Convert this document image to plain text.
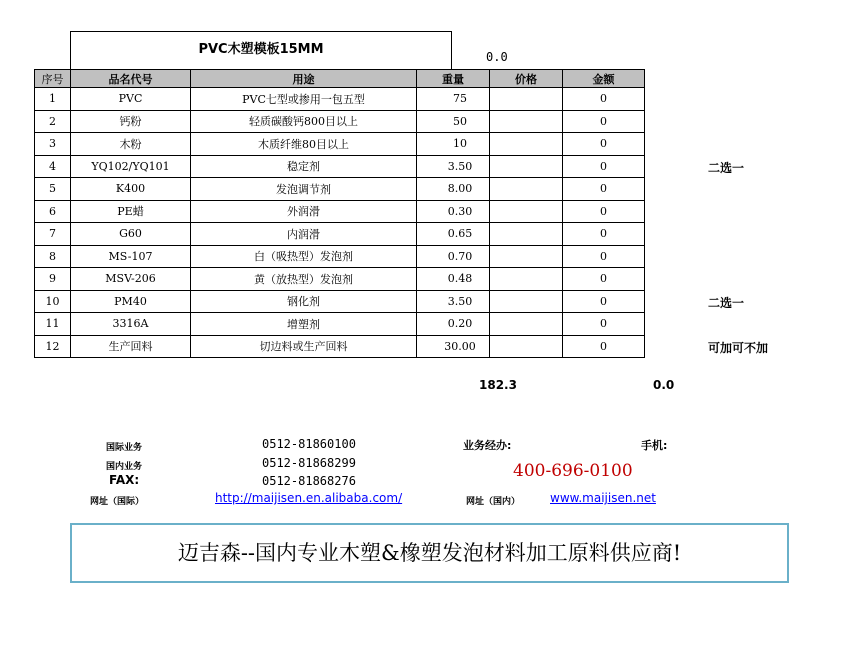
PVC木塑模板15MM	0.0
序号	品名代号	用途	重量	价格	金额
1	PVC	PVC七型或掺用一包五型	75		0
2	钙粉	轻质碳酸钙800目以上	50		0
3	木粉	木质纤维80目以上	10		0
4	YQ102/YQ101	稳定剂	3.50		0
5	K400	发泡调节剂	8.00		0
6	PE蜡	外润滑	0.30		0
7	G60	内润滑	0.65		0
8	MS-107	白（吸热型）发泡剂	0.70		0
9	MSV-206	黄（放热型）发泡剂	0.48		0
10	PM40	钢化剂	3.50		0
11	3316A	增塑剂	0.20		0
12	生产回料	切边料或生产回料	30.00		0
二选一
二选一
可加可不加
182.3	0.0
国际业务	0512-81860100
国内业务	0512-81868299
FAX:	0512-81868276
网址（国际）	http://maijisen.en.alibaba.com/
业务经办:	手机:
400-696-0100
网址（国内） www.maijisen.net
迈吉森--国内专业木塑&橡塑发泡材料加工原料供应商!
